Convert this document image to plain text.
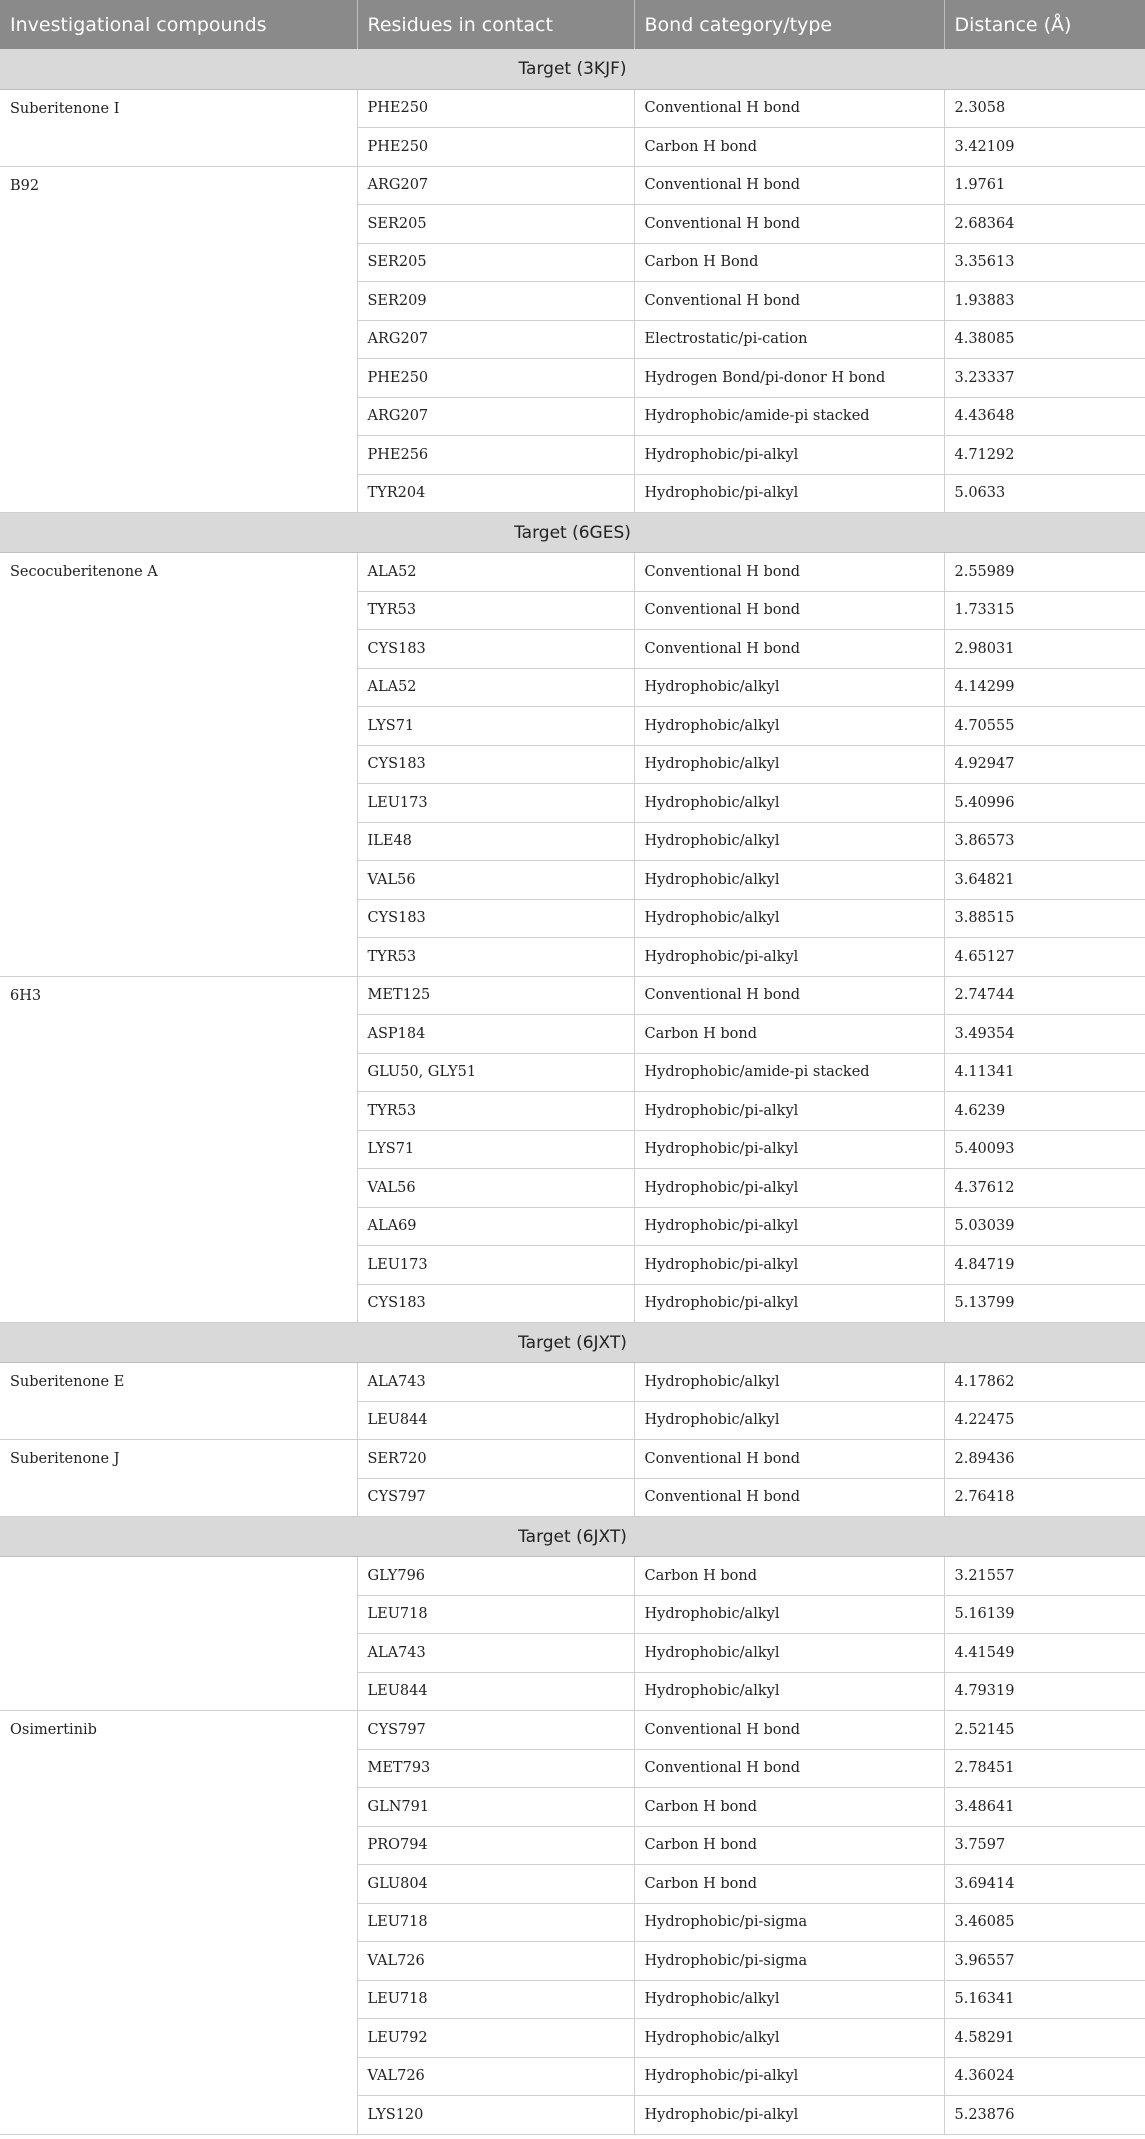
Investigational compounds	Residues in contact	Bond category/type	Distance (Å)
Target (3KJF)			
Suberitenone I	PHE250	Conventional H bond	2.3058
	PHE250	Carbon H bond	3.42109
B92	ARG207	Conventional H bond	1.9761
	SER205	Conventional H bond	2.68364
	SER205	Carbon H Bond	3.35613
	SER209	Conventional H bond	1.93883
	ARG207	Electrostatic/pi-cation	4.38085
	PHE250	Hydrogen Bond/pi-donor H bond	3.23337
	ARG207	Hydrophobic/amide-pi stacked	4.43648
	PHE256	Hydrophobic/pi-alkyl	4.71292
	TYR204	Hydrophobic/pi-alkyl	5.0633
Target (6GES)			
Secocuberitenone A	ALA52	Conventional H bond	2.55989
	TYR53	Conventional H bond	1.73315
	CYS183	Conventional H bond	2.98031
	ALA52	Hydrophobic/alkyl	4.14299
	LYS71	Hydrophobic/alkyl	4.70555
	CYS183	Hydrophobic/alkyl	4.92947
	LEU173	Hydrophobic/alkyl	5.40996
	ILE48	Hydrophobic/alkyl	3.86573
	VAL56	Hydrophobic/alkyl	3.64821
	CYS183	Hydrophobic/alkyl	3.88515
	TYR53	Hydrophobic/pi-alkyl	4.65127
6H3	MET125	Conventional H bond	2.74744
	ASP184	Carbon H bond	3.49354
	GLU50, GLY51	Hydrophobic/amide-pi stacked	4.11341
	TYR53	Hydrophobic/pi-alkyl	4.6239
	LYS71	Hydrophobic/pi-alkyl	5.40093
	VAL56	Hydrophobic/pi-alkyl	4.37612
	ALA69	Hydrophobic/pi-alkyl	5.03039
	LEU173	Hydrophobic/pi-alkyl	4.84719
	CYS183	Hydrophobic/pi-alkyl	5.13799
Target (6JXT)			
Suberitenone E	ALA743	Hydrophobic/alkyl	4.17862
	LEU844	Hydrophobic/alkyl	4.22475
Suberitenone J	SER720	Conventional H bond	2.89436
	CYS797	Conventional H bond	2.76418
Target (6JXT)			
	GLY796	Carbon H bond	3.21557
	LEU718	Hydrophobic/alkyl	5.16139
	ALA743	Hydrophobic/alkyl	4.41549
	LEU844	Hydrophobic/alkyl	4.79319
Osimertinib	CYS797	Conventional H bond	2.52145
	MET793	Conventional H bond	2.78451
	GLN791	Carbon H bond	3.48641
	PRO794	Carbon H bond	3.7597
	GLU804	Carbon H bond	3.69414
	LEU718	Hydrophobic/pi-sigma	3.46085
	VAL726	Hydrophobic/pi-sigma	3.96557
	LEU718	Hydrophobic/alkyl	5.16341
	LEU792	Hydrophobic/alkyl	4.58291
	VAL726	Hydrophobic/pi-alkyl	4.36024
	LYS120	Hydrophobic/pi-alkyl	5.23876
